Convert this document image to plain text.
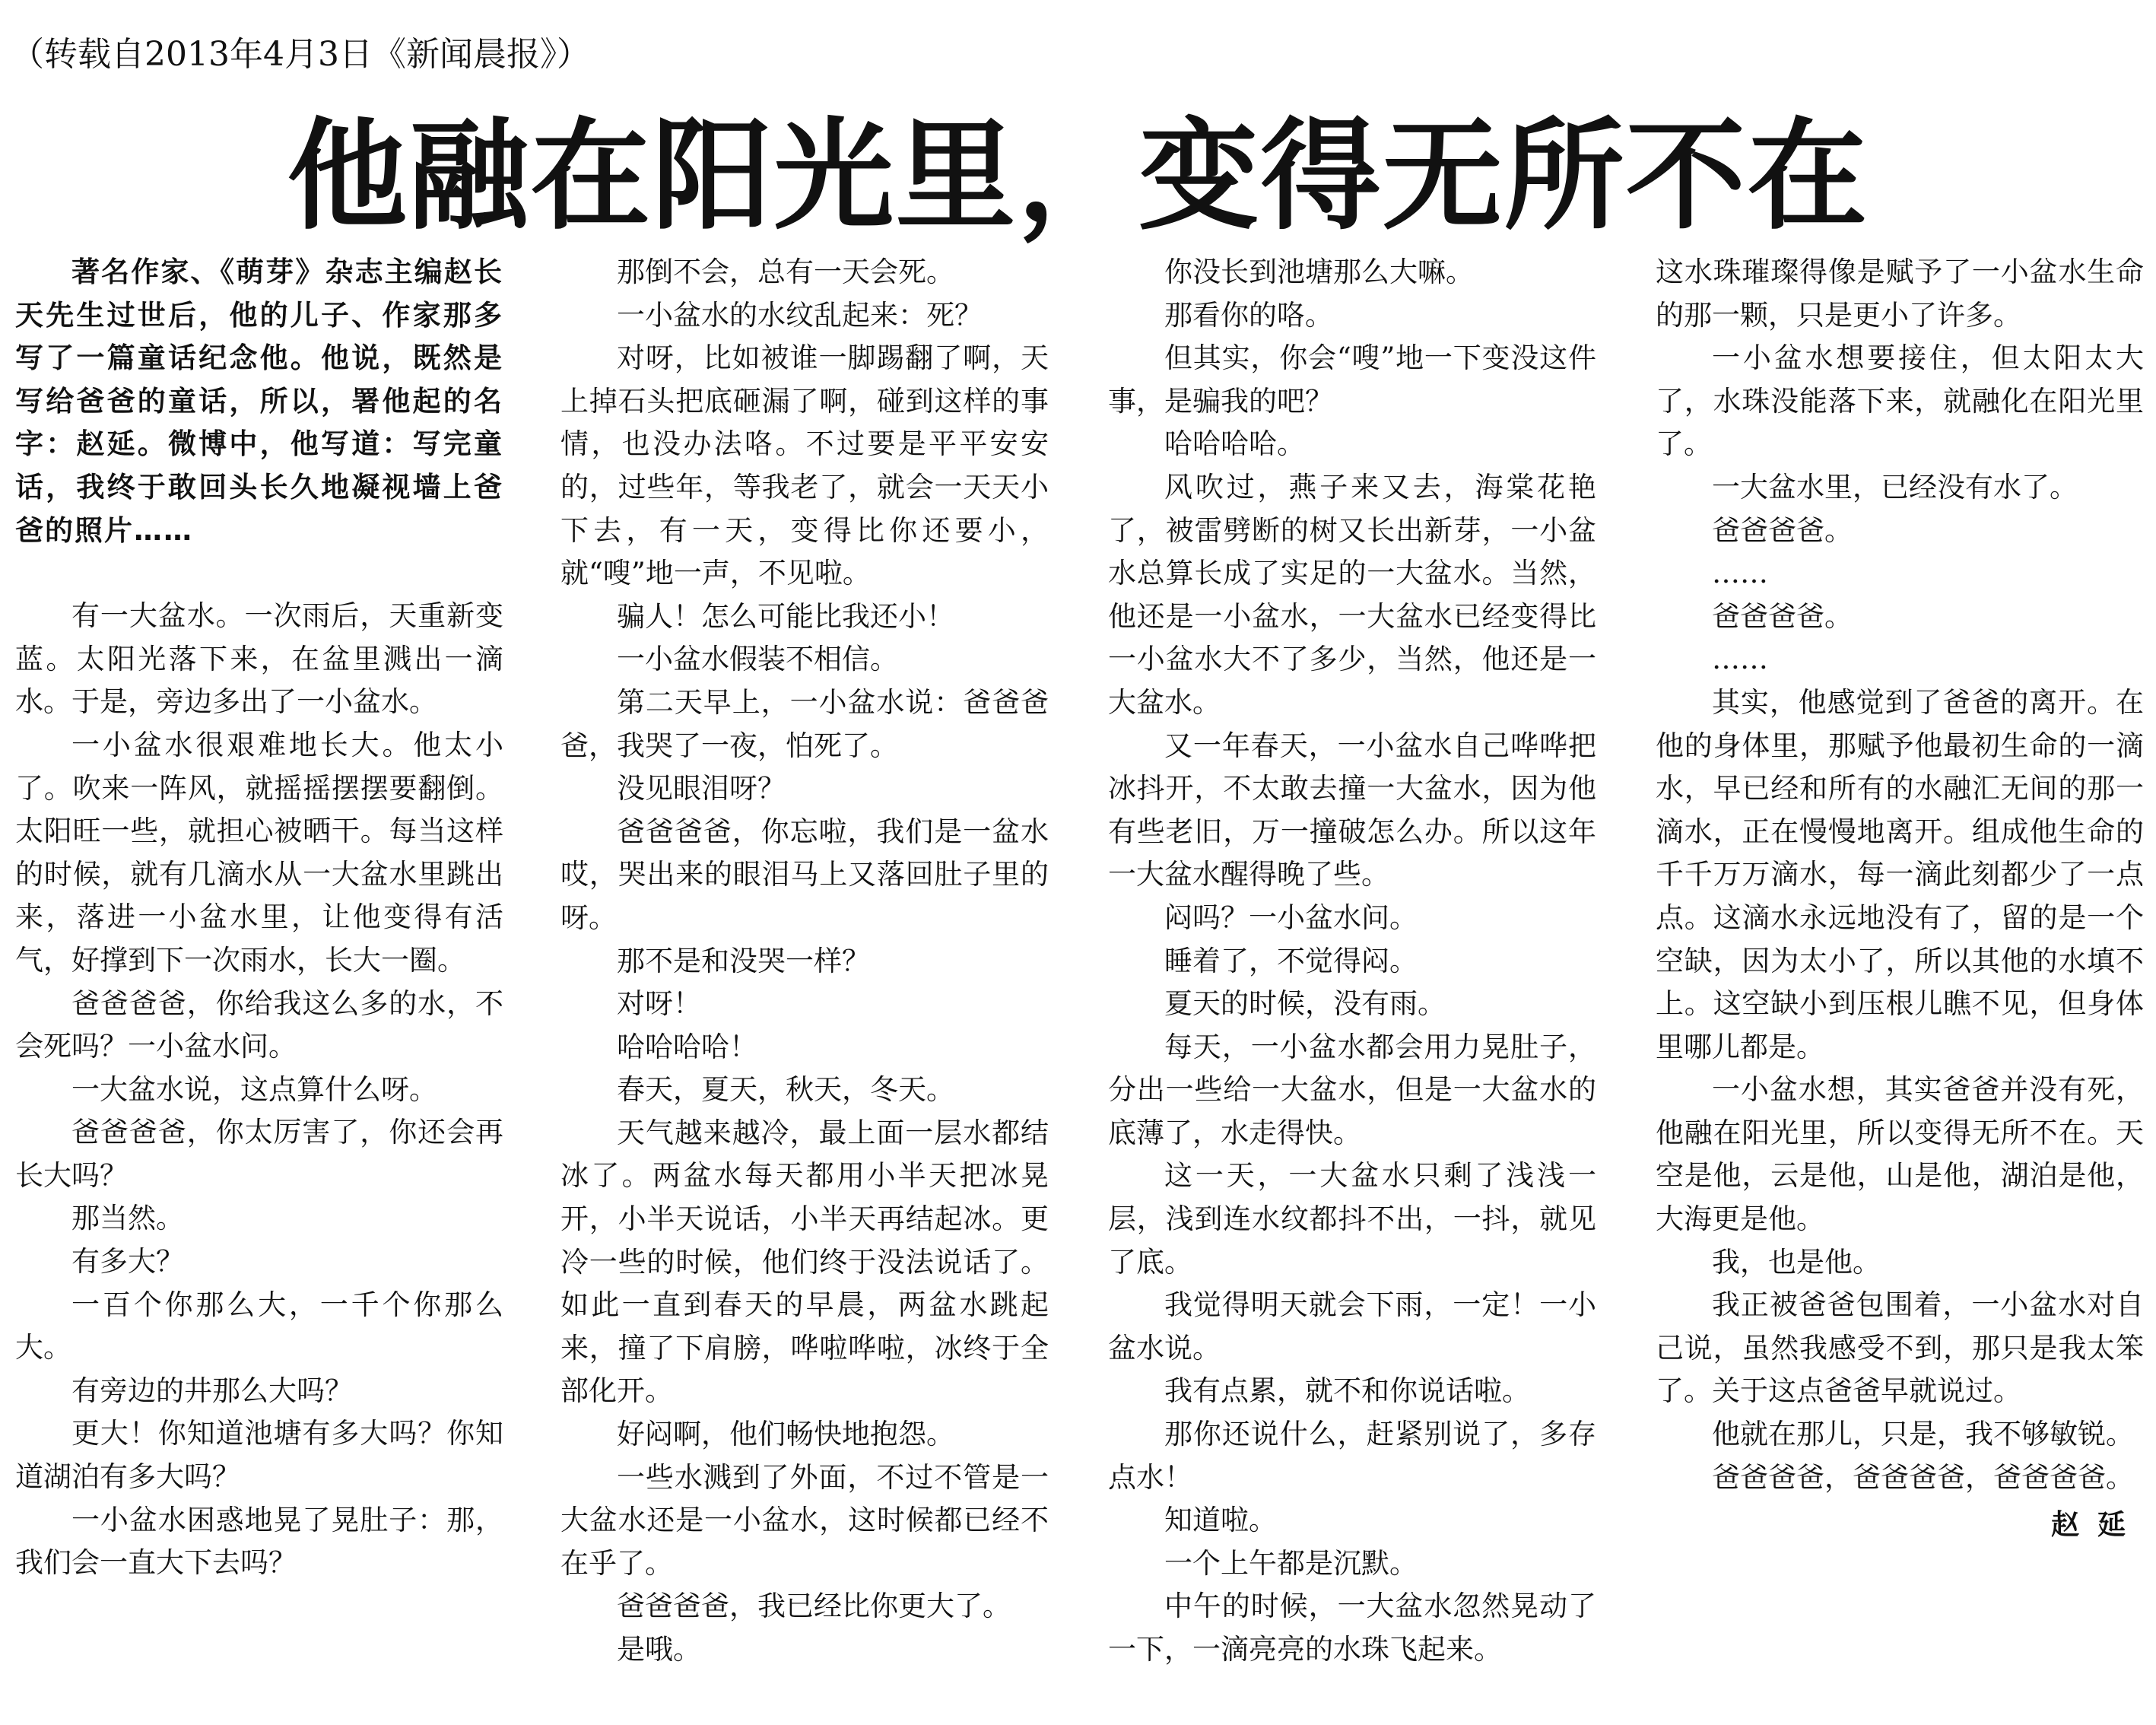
（转载自2013年4月3日《新闻晨报》）
他融在阳光里，变得无所不在

著名作家、《萌芽》杂志主编赵长天先生过世后，他的儿子、作家那多写了一篇童话纪念他。他说，既然是写给爸爸的童话，所以，署他起的名字：赵延。微博中，他写道：写完童话，我终于敢回头长久地凝视墙上爸爸的照片……

有一大盆水。一次雨后，天重新变蓝。太阳光落下来，在盆里溅出一滴水。于是，旁边多出了一小盆水。

一小盆水很艰难地长大。他太小了。吹来一阵风，就摇摇摆摆要翻倒。太阳旺一些，就担心被晒干。每当这样的时候，就有几滴水从一大盆水里跳出来，落进一小盆水里，让他变得有活气，好撑到下一次雨水，长大一圈。

爸爸爸爸，你给我这么多的水，不会死吗？一小盆水问。

一大盆水说，这点算什么呀。

爸爸爸爸，你太厉害了，你还会再长大吗？

那当然。

有多大？

一百个你那么大，一千个你那么大。

有旁边的井那么大吗？

更大！你知道池塘有多大吗？你知道湖泊有多大吗？

一小盆水困惑地晃了晃肚子：那，我们会一直大下去吗？

那倒不会，总有一天会死。

一小盆水的水纹乱起来：死？

对呀，比如被谁一脚踢翻了啊，天上掉石头把底砸漏了啊，碰到这样的事情，也没办法咯。不过要是平平安安的，过些年，等我老了，就会一天天小下去，有一天，变得比你还要小，就“嗖”地一声，不见啦。

骗人！怎么可能比我还小！

一小盆水假装不相信。

第二天早上，一小盆水说：爸爸爸爸，我哭了一夜，怕死了。

没见眼泪呀？

爸爸爸爸，你忘啦，我们是一盆水哎，哭出来的眼泪马上又落回肚子里的呀。

那不是和没哭一样？

对呀！

哈哈哈哈！

春天，夏天，秋天，冬天。

天气越来越冷，最上面一层水都结冰了。两盆水每天都用小半天把冰晃开，小半天说话，小半天再结起冰。更冷一些的时候，他们终于没法说话了。如此一直到春天的早晨，两盆水跳起来，撞了下肩膀，哗啦哗啦，冰终于全部化开。

好闷啊，他们畅快地抱怨。

一些水溅到了外面，不过不管是一大盆水还是一小盆水，这时候都已经不在乎了。

爸爸爸爸，我已经比你更大了。

是哦。

你没长到池塘那么大嘛。

那看你的咯。

但其实，你会“嗖”地一下变没这件事，是骗我的吧？

哈哈哈哈。

风吹过，燕子来又去，海棠花艳了，被雷劈断的树又长出新芽，一小盆水总算长成了实足的一大盆水。当然，他还是一小盆水，一大盆水已经变得比一小盆水大不了多少，当然，他还是一大盆水。

又一年春天，一小盆水自己哗哗把冰抖开，不太敢去撞一大盆水，因为他有些老旧，万一撞破怎么办。所以这年一大盆水醒得晚了些。

闷吗？一小盆水问。

睡着了，不觉得闷。

夏天的时候，没有雨。

每天，一小盆水都会用力晃肚子，分出一些给一大盆水，但是一大盆水的底薄了，水走得快。

这一天，一大盆水只剩了浅浅一层，浅到连水纹都抖不出，一抖，就见了底。

我觉得明天就会下雨，一定！一小盆水说。

我有点累，就不和你说话啦。

那你还说什么，赶紧别说了，多存点水！

知道啦。

一个上午都是沉默。

中午的时候，一大盆水忽然晃动了一下，一滴亮亮的水珠飞起来。

这水珠璀璨得像是赋予了一小盆水生命的那一颗，只是更小了许多。

一小盆水想要接住，但太阳太大了，水珠没能落下来，就融化在阳光里了。

一大盆水里，已经没有水了。

爸爸爸爸。

……

爸爸爸爸。

……

其实，他感觉到了爸爸的离开。在他的身体里，那赋予他最初生命的一滴水，早已经和所有的水融汇无间的那一滴水，正在慢慢地离开。组成他生命的千千万万滴水，每一滴此刻都少了一点点。这滴水永远地没有了，留的是一个空缺，因为太小了，所以其他的水填不上。这空缺小到压根儿瞧不见，但身体里哪儿都是。

一小盆水想，其实爸爸并没有死，他融在阳光里，所以变得无所不在。天空是他，云是他，山是他，湖泊是他，大海更是他。

我，也是他。

我正被爸爸包围着，一小盆水对自己说，虽然我感受不到，那只是我太笨了。关于这点爸爸早就说过。

他就在那儿，只是，我不够敏锐。

爸爸爸爸，爸爸爸爸，爸爸爸爸。

赵延
